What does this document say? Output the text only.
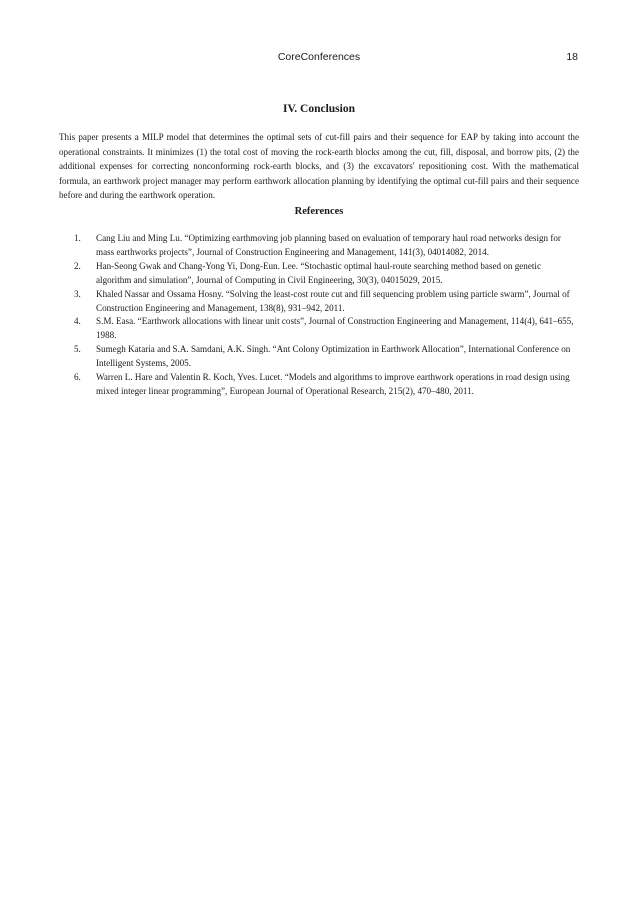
CoreConferences	18
IV. Conclusion

This paper presents a MILP model that determines the optimal sets of cut-fill pairs and their sequence for EAP by taking into account the operational constraints. It minimizes (1) the total cost of moving the rock-earth blocks among the cut, fill, disposal, and borrow pits, (2) the additional expenses for correcting nonconforming rock-earth blocks, and (3) the excavators' repositioning cost. With the mathematical formula, an earthwork project manager may perform earthwork allocation planning by identifying the optimal cut-fill pairs and their sequence before and during the earthwork operation.

References
1. Cang Liu and Ming Lu. “Optimizing earthmoving job planning based on evaluation of temporary haul road networks design for mass earthworks projects”, Journal of Construction Engineering and Management, 141(3), 04014082, 2014.
2. Han-Seong Gwak and Chang-Yong Yi, Dong-Eun. Lee. “Stochastic optimal haul-route searching method based on genetic algorithm and simulation”, Journal of Computing in Civil Engineering, 30(3), 04015029, 2015.
3. Khaled Nassar and Ossama Hosny. “Solving the least-cost route cut and fill sequencing problem using particle swarm”, Journal of Construction Engineering and Management, 138(8), 931–942, 2011.
4. S.M. Easa. “Earthwork allocations with linear unit costs”, Journal of Construction Engineering and Management, 114(4), 641–655, 1988.
5. Sumegh Kataria and S.A. Samdani, A.K. Singh. “Ant Colony Optimization in Earthwork Allocation”, International Conference on Intelligent Systems, 2005.
6. Warren L. Hare and Valentin R. Koch, Yves. Lucet. “Models and algorithms to improve earthwork operations in road design using mixed integer linear programming”, European Journal of Operational Research, 215(2), 470–480, 2011.
